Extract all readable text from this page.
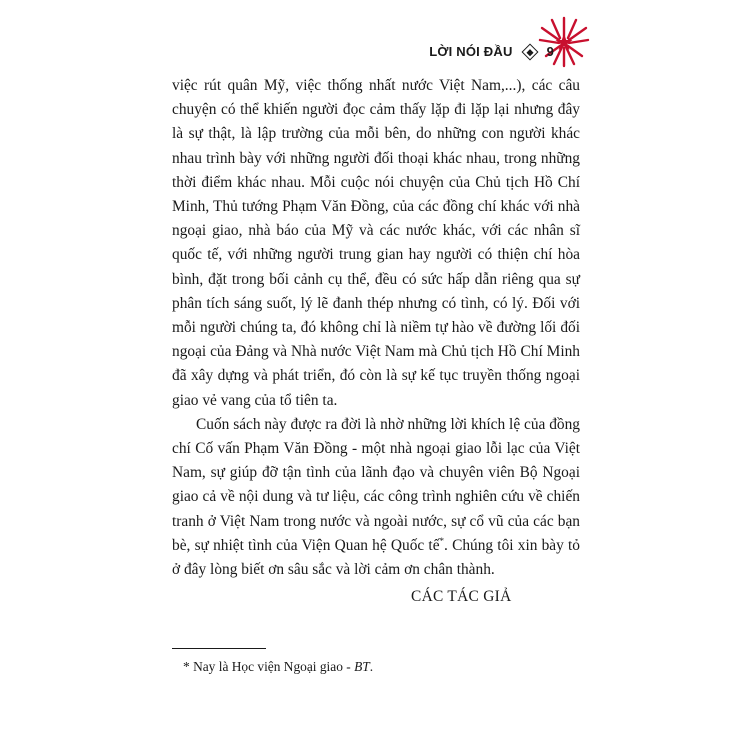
LỜI NÓI ĐẦU	9

việc rút quân Mỹ, việc thống nhất nước Việt Nam,...), các câu chuyện có thể khiến người đọc cảm thấy lặp đi lặp lại nhưng đây là sự thật, là lập trường của mỗi bên, do những con người khác nhau trình bày với những người đối thoại khác nhau, trong những thời điểm khác nhau. Mỗi cuộc nói chuyện của Chủ tịch Hồ Chí Minh, Thủ tướng Phạm Văn Đồng, của các đồng chí khác với nhà ngoại giao, nhà báo của Mỹ và các nước khác, với các nhân sĩ quốc tế, với những người trung gian hay người có thiện chí hòa bình, đặt trong bối cảnh cụ thể, đều có sức hấp dẫn riêng qua sự phân tích sáng suốt, lý lẽ đanh thép nhưng có tình, có lý. Đối với mỗi người chúng ta, đó không chỉ là niềm tự hào về đường lối đối ngoại của Đảng và Nhà nước Việt Nam mà Chủ tịch Hồ Chí Minh đã xây dựng và phát triển, đó còn là sự kế tục truyền thống ngoại giao vẻ vang của tổ tiên ta.

Cuốn sách này được ra đời là nhờ những lời khích lệ của đồng chí Cố vấn Phạm Văn Đồng - một nhà ngoại giao lỗi lạc của Việt Nam, sự giúp đỡ tận tình của lãnh đạo và chuyên viên Bộ Ngoại giao cả về nội dung và tư liệu, các công trình nghiên cứu về chiến tranh ở Việt Nam trong nước và ngoài nước, sự cổ vũ của các bạn bè, sự nhiệt tình của Viện Quan hệ Quốc tế*. Chúng tôi xin bày tỏ ở đây lòng biết ơn sâu sắc và lời cảm ơn chân thành.

CÁC TÁC GIẢ
* Nay là Học viện Ngoại giao - BT.
